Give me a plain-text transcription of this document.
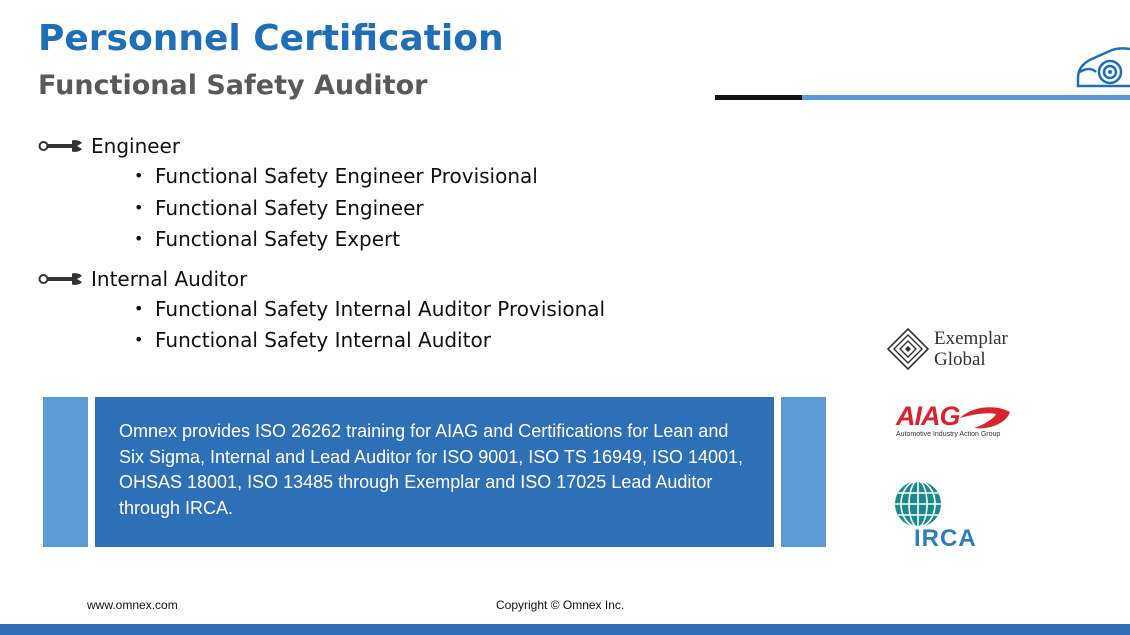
Personnel Certification
Functional Safety Auditor
Engineer
• Functional Safety Engineer Provisional
• Functional Safety Engineer
• Functional Safety Expert
Internal Auditor
• Functional Safety Internal Auditor Provisional
• Functional Safety Internal Auditor

Omnex provides ISO 26262 training for AIAG and Certifications for Lean and Six Sigma, Internal and Lead Auditor for ISO 9001, ISO TS 16949, ISO 14001, OHSAS 18001, ISO 13485 through Exemplar and ISO 17025 Lead Auditor through IRCA.

Exemplar
Global
AIAG
Automotive Industry Action Group
IRCA
www.omnex.com	Copyright © Omnex Inc.
